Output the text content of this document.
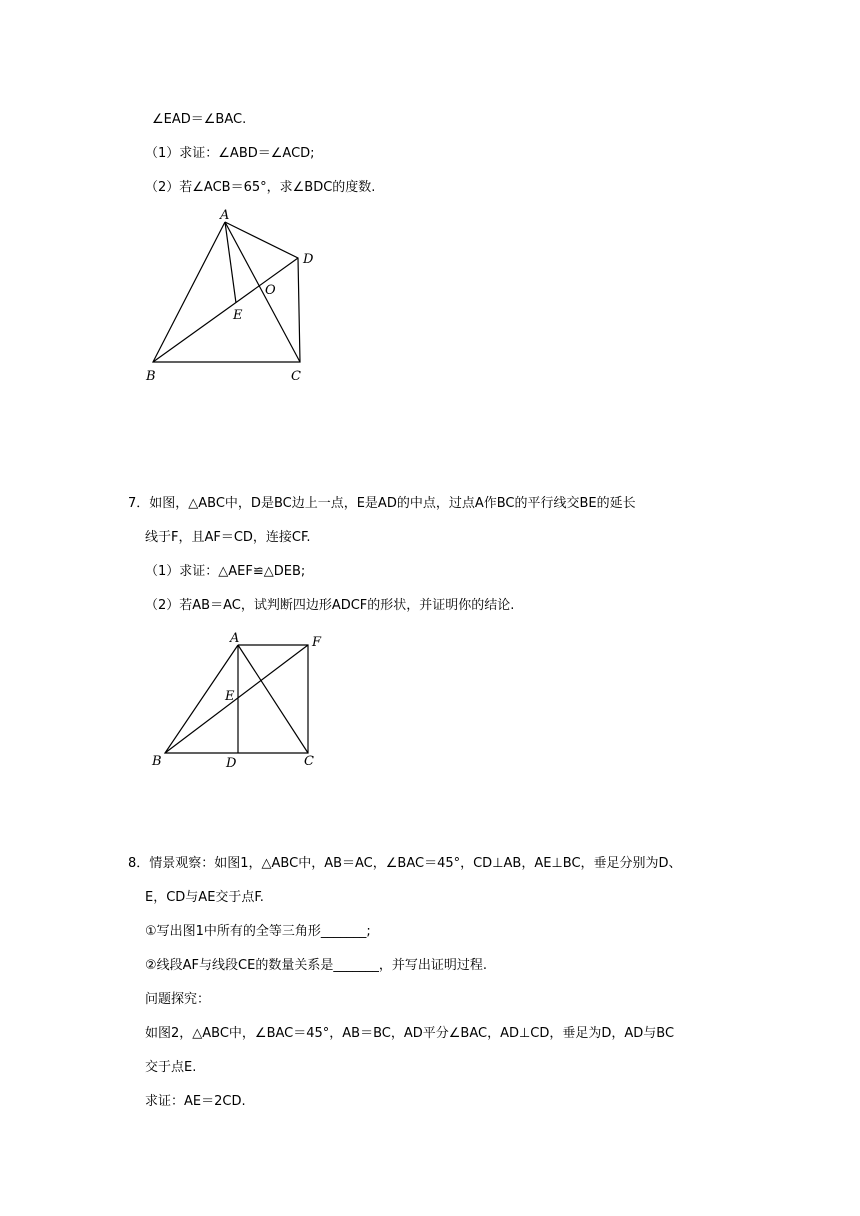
∠EAD＝∠BAC.
（1）求证：∠ABD＝∠ACD;
（2）若∠ACB＝65°，求∠BDC的度数.
A
B	C
D
E
O
7．如图，△ABC中，D是BC边上一点，E是AD的中点，过点A作BC的平行线交BE的延长
线于F，且AF＝CD，连接CF.
（1）求证：△AEF≌△DEB;
（2）若AB＝AC，试判断四边形ADCF的形状，并证明你的结论.
A	F
B	D	C
E
8．情景观察：如图1，△ABC中，AB＝AC，∠BAC＝45°，CD⊥AB，AE⊥BC，垂足分别为D、
E，CD与AE交于点F.
①写出图1中所有的全等三角形_______;
②线段AF与线段CE的数量关系是_______，并写出证明过程.
问题探究：
如图2，△ABC中，∠BAC＝45°，AB＝BC，AD平分∠BAC，AD⊥CD，垂足为D，AD与BC
交于点E.
求证：AE＝2CD.
